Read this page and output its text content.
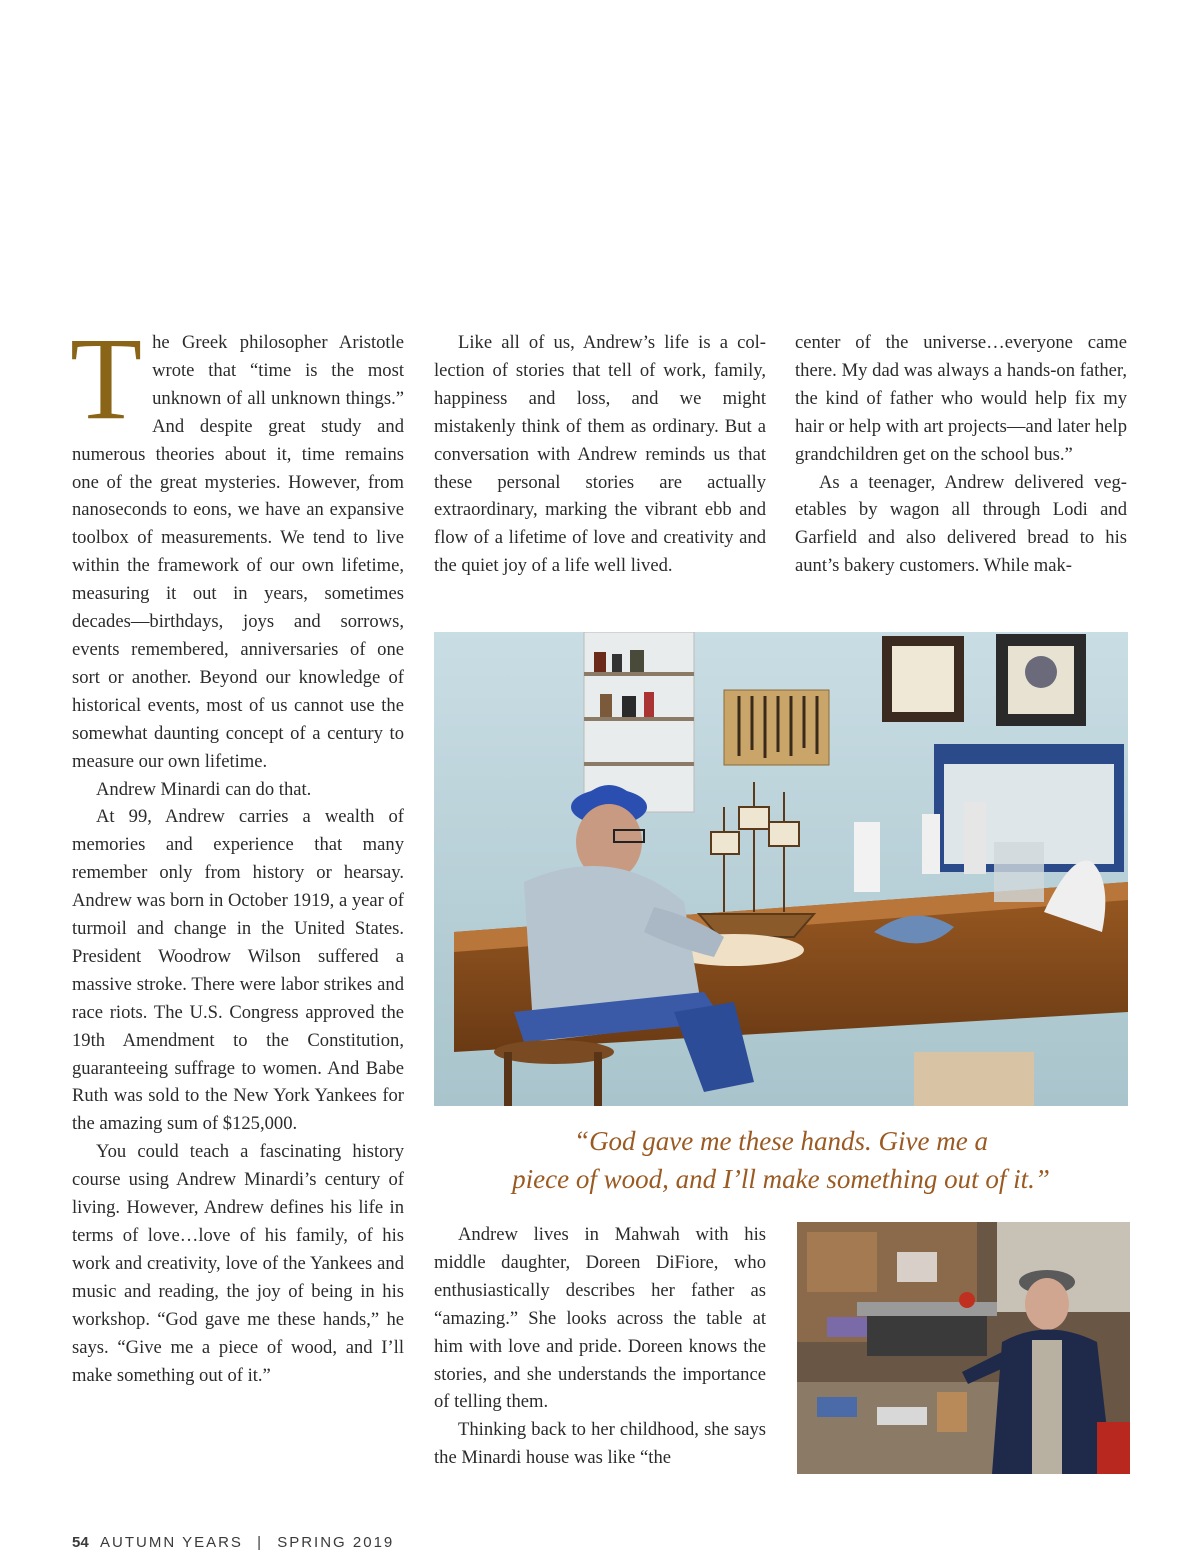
The Greek philosopher Aristotle wrote that “time is the most unknown of all unknown things.” And despite great study and numerous theories about it, time remains one of the great mysteries. However, from nanoseconds to eons, we have an expansive toolbox of measurements. We tend to live within the framework of our own lifetime, measuring it out in years, sometimes decades—birthdays, joys and sorrows, events remembered, anniversaries of one sort or another. Beyond our knowledge of historical events, most of us cannot use the somewhat daunting concept of a century to measure our own lifetime.

Andrew Minardi can do that.

At 99, Andrew carries a wealth of memories and experience that many remember only from history or hearsay. Andrew was born in October 1919, a year of turmoil and change in the United States. President Woodrow Wilson suffered a massive stroke. There were labor strikes and race riots. The U.S. Congress approved the 19th Amendment to the Constitution, guaranteeing suffrage to women. And Babe Ruth was sold to the New York Yankees for the amazing sum of $125,000.

You could teach a fascinating history course using Andrew Minardi’s century of living. However, Andrew defines his life in terms of love…love of his family, of his work and creativity, love of the Yankees and music and reading, the joy of being in his workshop. “God gave me these hands,” he says. “Give me a piece of wood, and I’ll make something out of it.”

Like all of us, Andrew’s life is a collection of stories that tell of work, family, happiness and loss, and we might mistakenly think of them as ordinary. But a conversation with Andrew reminds us that these personal stories are actually extraordinary, marking the vibrant ebb and flow of a lifetime of love and creativity and the quiet joy of a life well lived.

center of the universe…everyone came there. My dad was always a hands-on father, the kind of father who would help fix my hair or help with art projects—and later help grandchildren get on the school bus.”

As a teenager, Andrew delivered vegetables by wagon all through Lodi and Garfield and also delivered bread to his aunt’s bakery customers. While mak-

“God gave me these hands. Give me a
piece of wood, and I’ll make something out of it.”

Andrew lives in Mahwah with his middle daughter, Doreen DiFiore, who enthusiastically describes her father as “amazing.” She looks across the table at him with love and pride. Doreen knows the stories, and she understands the importance of telling them.

Thinking back to her childhood, she says the Minardi house was like “the

54 AUTUMN YEARS | SPRING 2019
